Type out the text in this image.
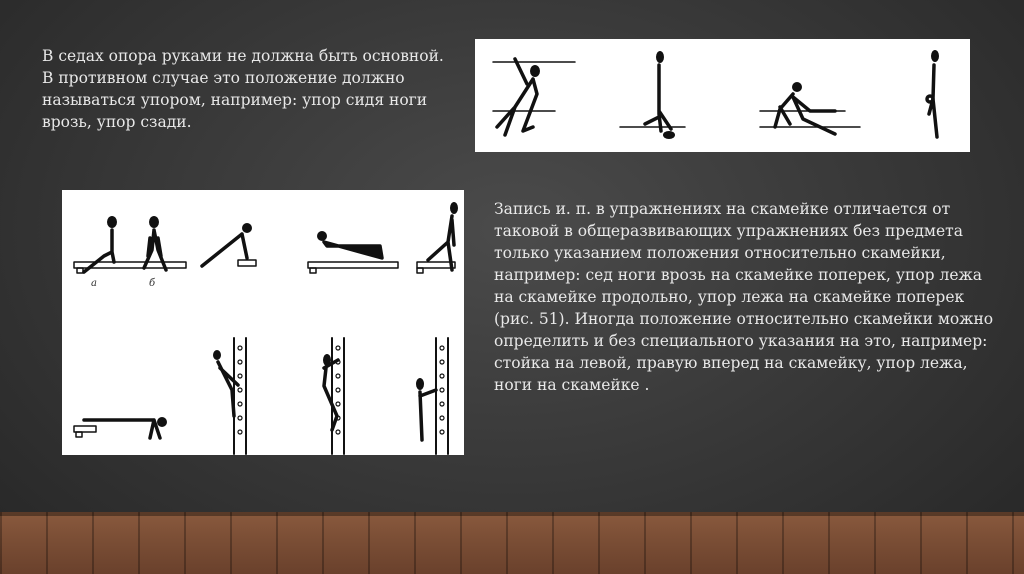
В седах опора руками не должна быть основной.
В противном случае это положение должно
называться упором, например: упор сидя ноги
врозь, упор сзади.
а	б
Запись и. п. в упражнениях на скамейке отличается от таковой в общеразвивающих упражнениях без предмета только указанием положения относительно скамейки, например: сед ноги врозь на скамейке поперек, упор лежа на скамейке продольно, упор лежа на скамейке поперек (рис. 51). Иногда положение относительно скамейки можно определить и без специального указания на это, например: стойка на левой, правую вперед на скамейку, упор лежа, ноги на скамейке .
